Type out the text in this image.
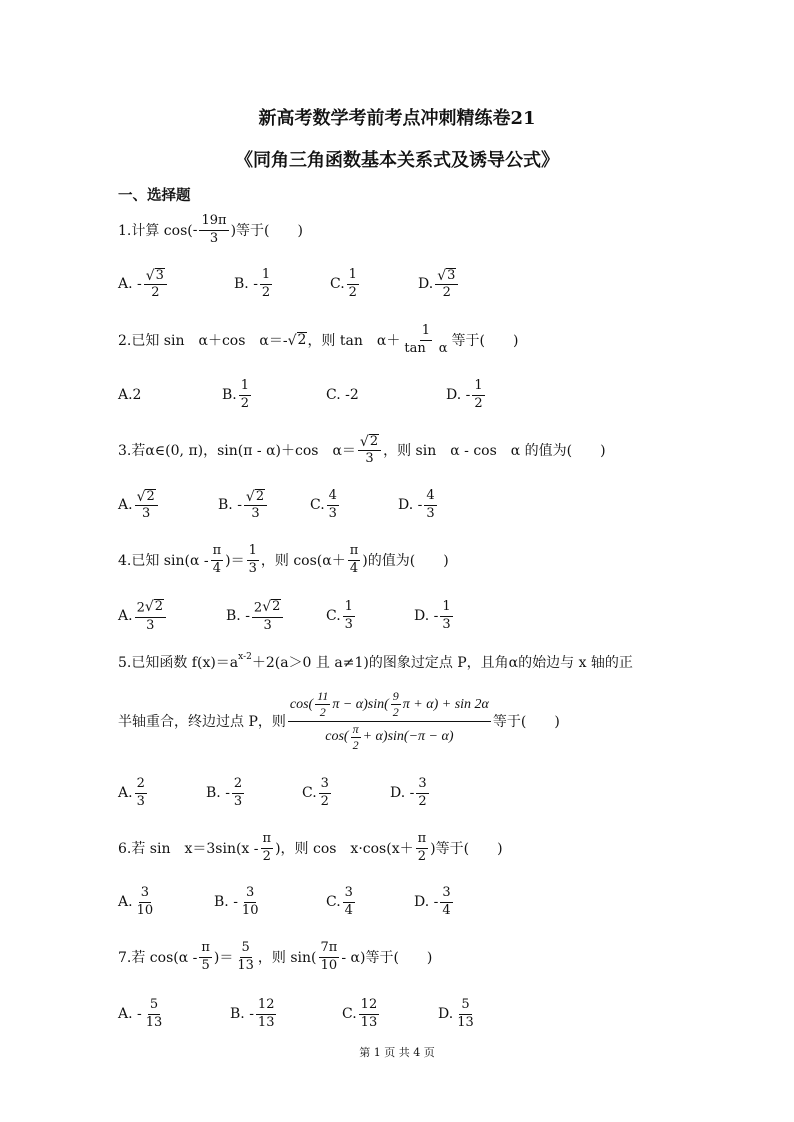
新高考数学考前考点冲刺精练卷21
《同角三角函数基本关系式及诱导公式》
一、选择题
1.计算 $\cos( - \frac{19\pi}{3}$ )等于(　　)
A. - $\frac{√ 3}{2}$	B. - $\frac{1}{2}$	C. $\frac{1}{2}$	D. $\frac{√ 3}{2}$
2.已知 sin　α＋cos　α＝- √ 2 ，则 tan　$\alpha+ \frac{1}{\text{tan　α}}$ 等于(　　)
A.2	B. $\frac{1}{2}$	C. -2	D. - $\frac{1}{2}$
3.若α∈(0, π)，sin(π - α)＋cos　$\alpha= \frac{√ 2}{3}$ ，则 sin　α - cos　α 的值为(　　)
A. $\frac{√ 2}{3}$	B. - $\frac{√ 2}{3}$	C. $\frac{4}{3}$	D. - $\frac{4}{3}$
4.已知 $\sin(\alpha - \frac{\pi}{4}$ )＝ $\frac{1}{3}$ ，则 $\cos(\alpha+ \frac{\pi}{4}$ )的值为(　　)
A. $\frac{2 √ 2}{3}$	B. - $\frac{2 √ 2}{3}$	C. $\frac{1}{3}$	D. - $\frac{1}{3}$
5.已知函数 $f(x)=a^{x-2} +2(a>0$ 且 a≠1)的图象过定点 P，且角α的始边与 x 轴的正
半轴重合，终边过点 P，则
$\cos( \frac{11}{2}$ $\pi - \alpha)\sin( \frac{9}{2}$ π + α) + sin 2α
$\cos( \frac{\pi}{2} + \alpha)\sin(-\pi - \alpha)$
等于(　　)
A. $\frac{2}{3}$	B. - $\frac{2}{3}$	C. $\frac{3}{2}$	D. - $\frac{3}{2}$
6.若 sin　$x=3\sin(x - \frac{\pi}{2}$ )，则 cos　$x\cdot\cos(x+ \frac{\pi}{2}$ )等于(　　)
A. $\frac{3}{10}$	B. - $\frac{3}{10}$	C. $\frac{3}{4}$	D. - $\frac{3}{4}$
7.若 $\cos(\alpha - \frac{\pi}{5}$ )＝ $\frac{5}{13}$ ，则 $\sin( \frac{7\pi}{10} - \alpha)$等于(　　)
A. - $\frac{5}{13}$	B. - $\frac{12}{13}$	C. $\frac{12}{13}$	D. $\frac{5}{13}$
第 1 页 共 4 页
